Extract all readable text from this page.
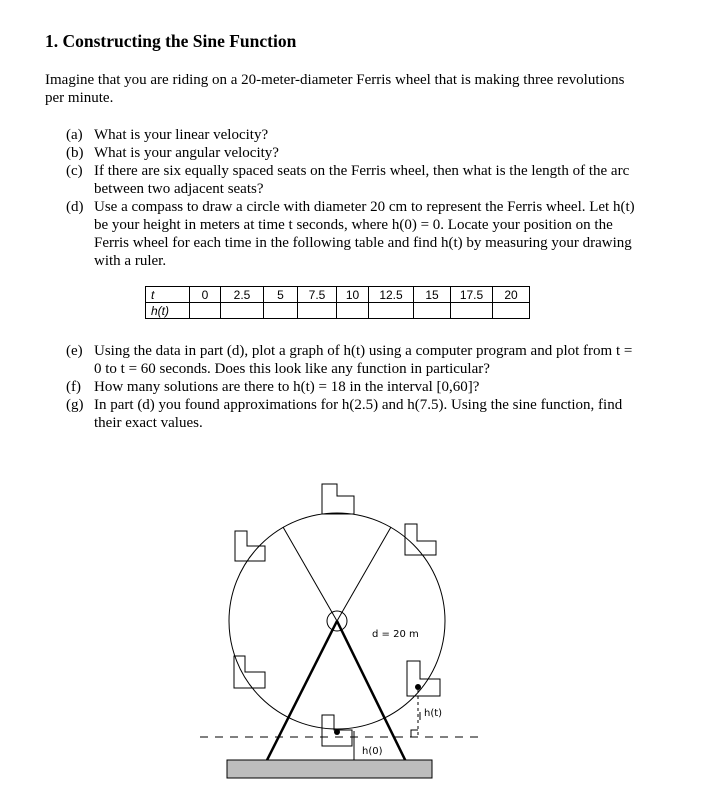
1. Constructing the Sine Function

Imagine that you are riding on a 20-meter-diameter Ferris wheel that is making three revolutions per minute.

(a) What is your linear velocity?
(b) What is your angular velocity?
(c) If there are six equally spaced seats on the Ferris wheel, then what is the length of the arc between two adjacent seats?
(d) Use a compass to draw a circle with diameter 20 cm to represent the Ferris wheel. Let h(t) be your height in meters at time t seconds, where h(0) = 0. Locate your position on the Ferris wheel for each time in the following table and find h(t) by measuring your drawing with a ruler.
t	0	2.5	5	7.5	10	12.5	15	17.5	20
h(t)									
(e) Using the data in part (d), plot a graph of h(t) using a computer program and plot from t = 0 to t = 60 seconds. Does this look like any function in particular?
(f) How many solutions are there to h(t) = 18 in the interval [0,60]?
(g) In part (d) you found approximations for h(2.5) and h(7.5). Using the sine function, find their exact values.
d = 20 m
h(t)
h(0)
